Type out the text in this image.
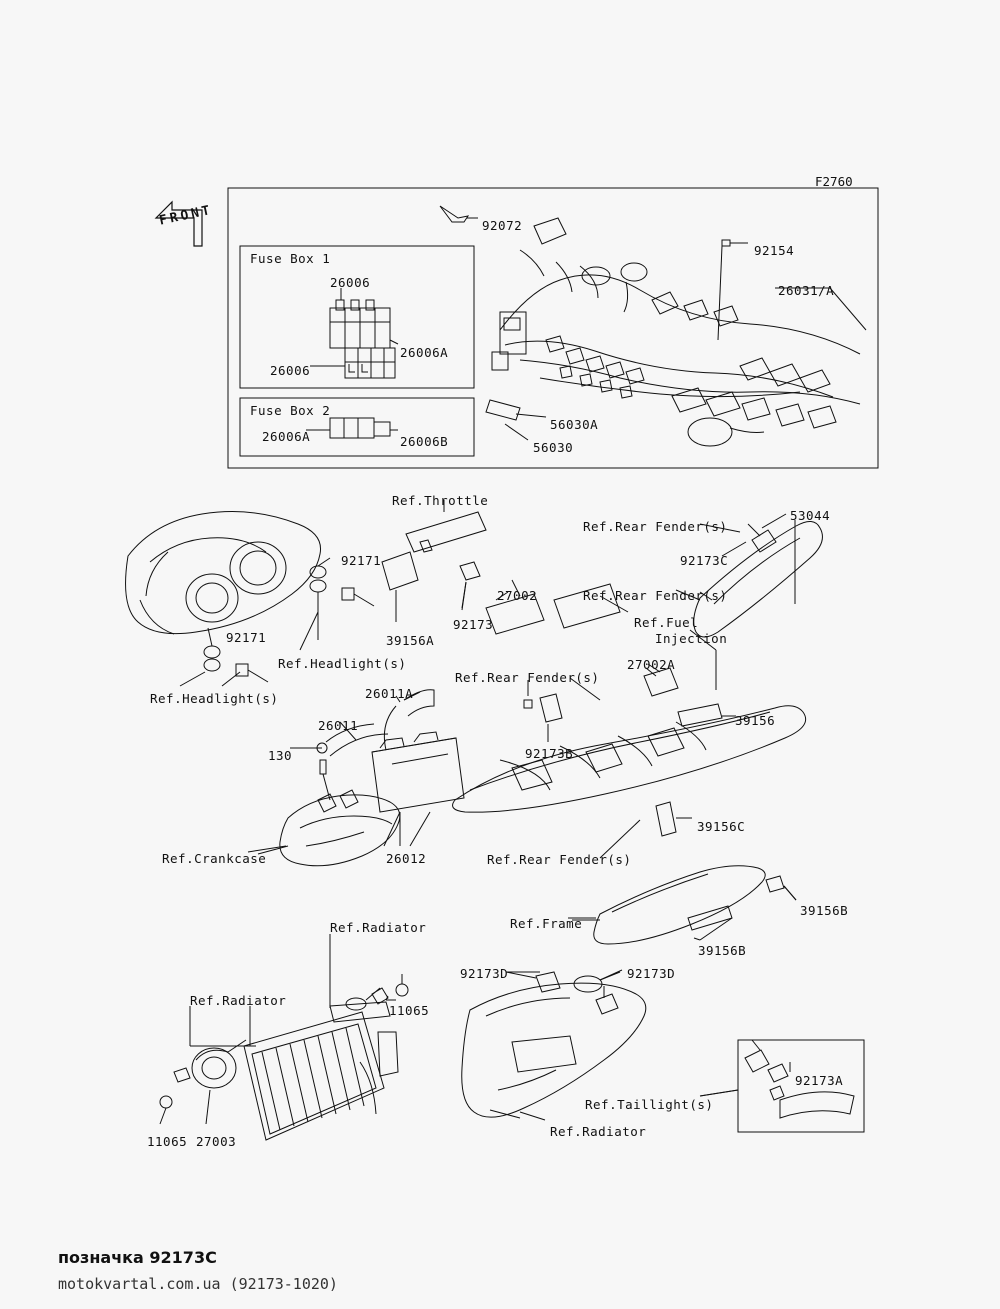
FRONT
F2760
Fuse Box 1
Fuse Box 2
92072
92154
26031/A
26006
26006A
26006
26006A	26006B
56030A
56030
Ref.Throttle
Ref.Rear Fender(s)
53044
92173C
92171
Ref.Rear Fender(s)
27002
Ref.Fuel
Injection
92173
39156A
92171
Ref.Headlight(s)
Ref.Rear Fender(s)
27002A
Ref.Headlight(s)	26011A
39156
26011
92173B
130
39156C
Ref.Crankcase	26012	Ref.Rear Fender(s)
39156B
Ref.Frame
39156B
Ref.Radiator
92173D	92173D
11065
Ref.Radiator
92173A
Ref.Taillight(s)
11065 27003
Ref.Radiator
позначка 92173C
motokvartal.com.ua (92173-1020)
